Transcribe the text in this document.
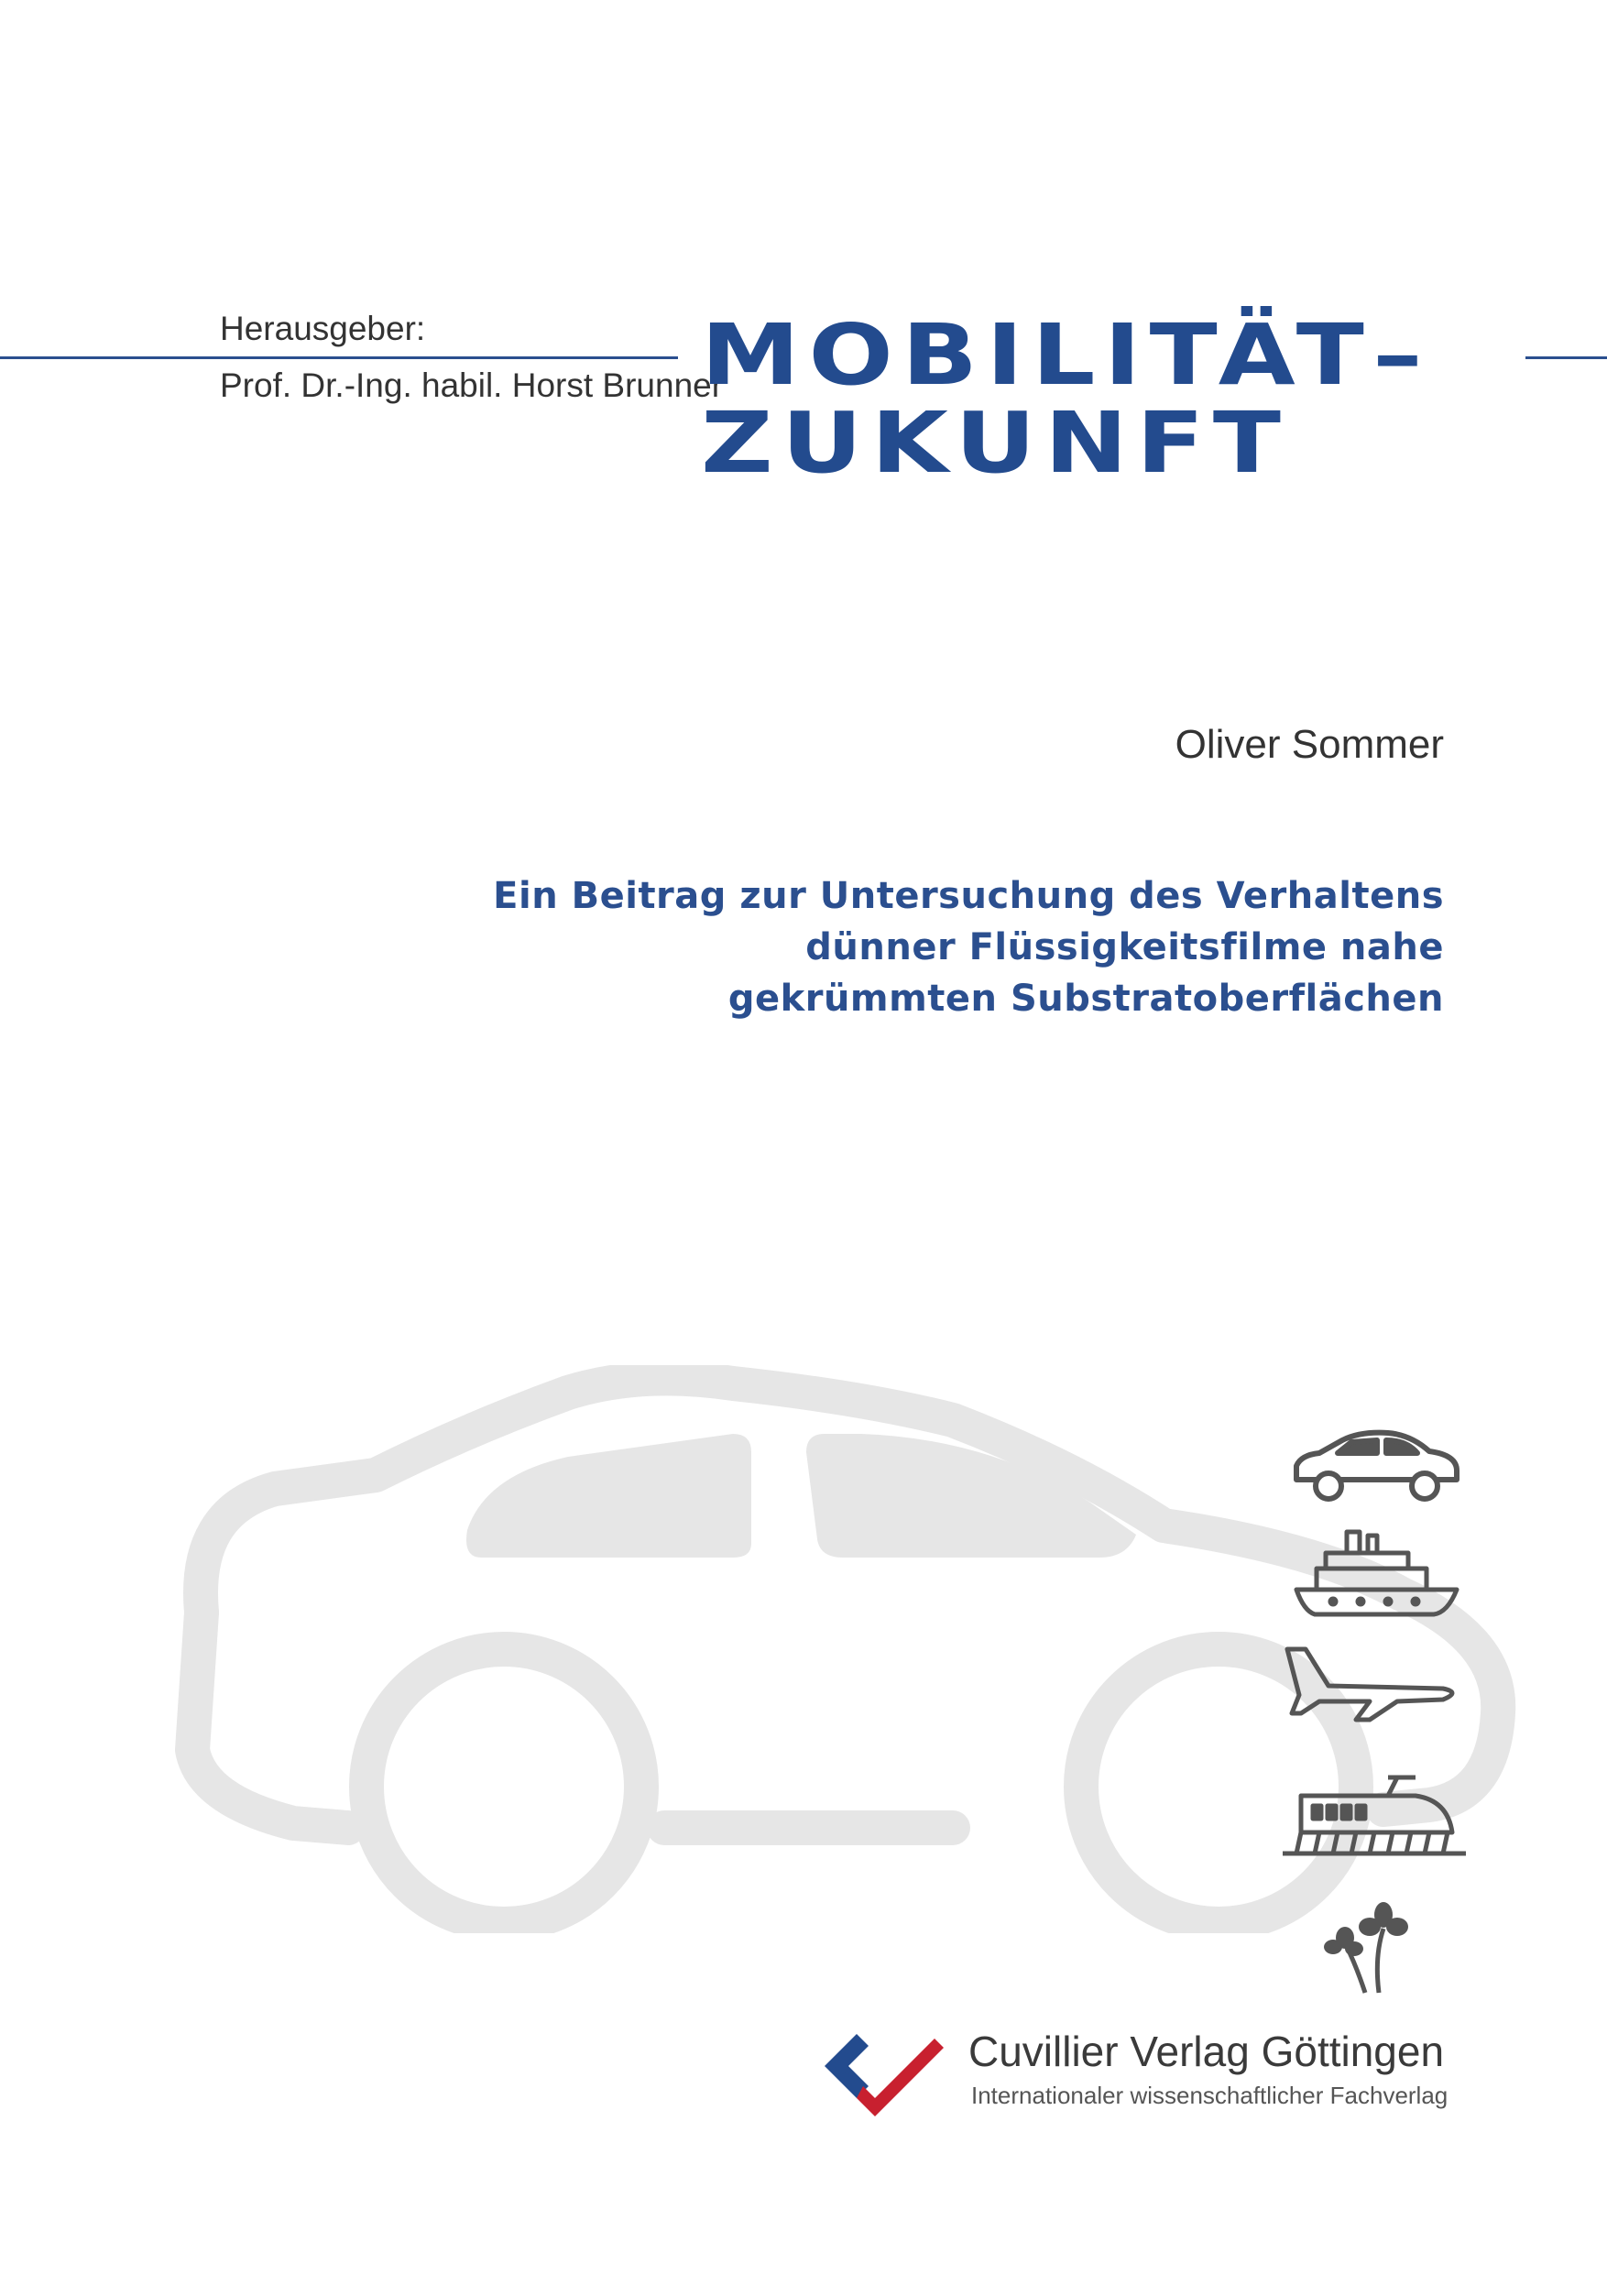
Herausgeber:
Prof. Dr.-Ing. habil. Horst Brunner
MOBILITÄT–
ZUKUNFT
Oliver Sommer
Ein Beitrag zur Untersuchung des Verhaltens
dünner Flüssigkeitsfilme nahe
gekrümmten Substratoberflächen
Cuvillier Verlag Göttingen
Internationaler wissenschaftlicher Fachverlag
